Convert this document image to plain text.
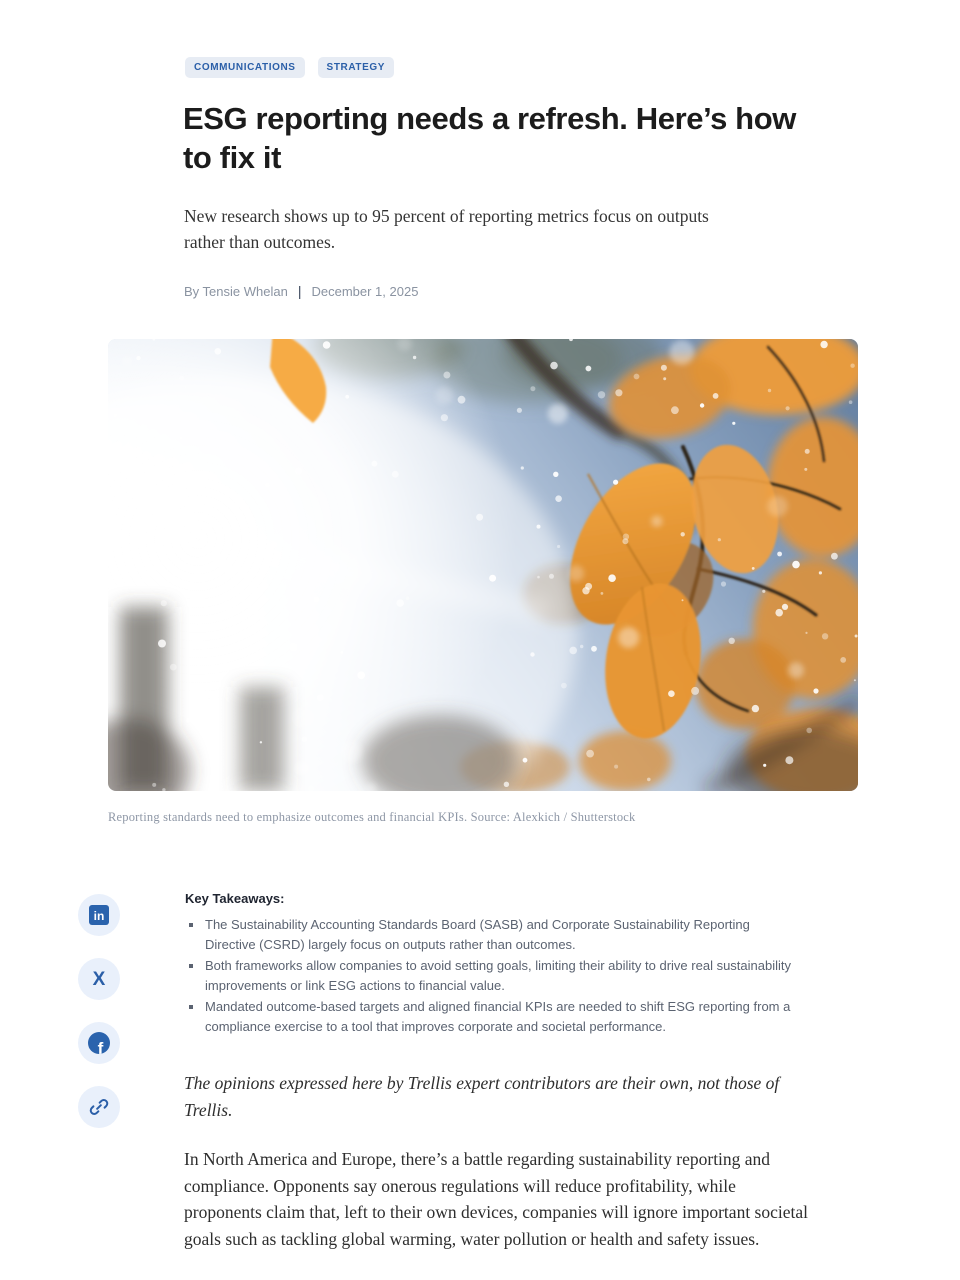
COMMUNICATIONS	STRATEGY
ESG reporting needs a refresh. Here’s how to fix it

New research shows up to 95 percent of reporting metrics focus on outputs rather than outcomes.

By Tensie Whelan | December 1, 2025
Reporting standards need to emphasize outcomes and financial KPIs. Source: Alexkich / Shutterstock
in
X
f
Key Takeaways:
The Sustainability Accounting Standards Board (SASB) and Corporate Sustainability Reporting Directive (CSRD) largely focus on outputs rather than outcomes.
Both frameworks allow companies to avoid setting goals, limiting their ability to drive real sustainability improvements or link ESG actions to financial value.
Mandated outcome-based targets and aligned financial KPIs are needed to shift ESG reporting from a compliance exercise to a tool that improves corporate and societal performance.

The opinions expressed here by Trellis expert contributors are their own, not those of Trellis.

In North America and Europe, there’s a battle regarding sustainability reporting and compliance. Opponents say onerous regulations will reduce profitability, while proponents claim that, left to their own devices, companies will ignore important societal goals such as tackling global warming, water pollution or health and safety issues.
